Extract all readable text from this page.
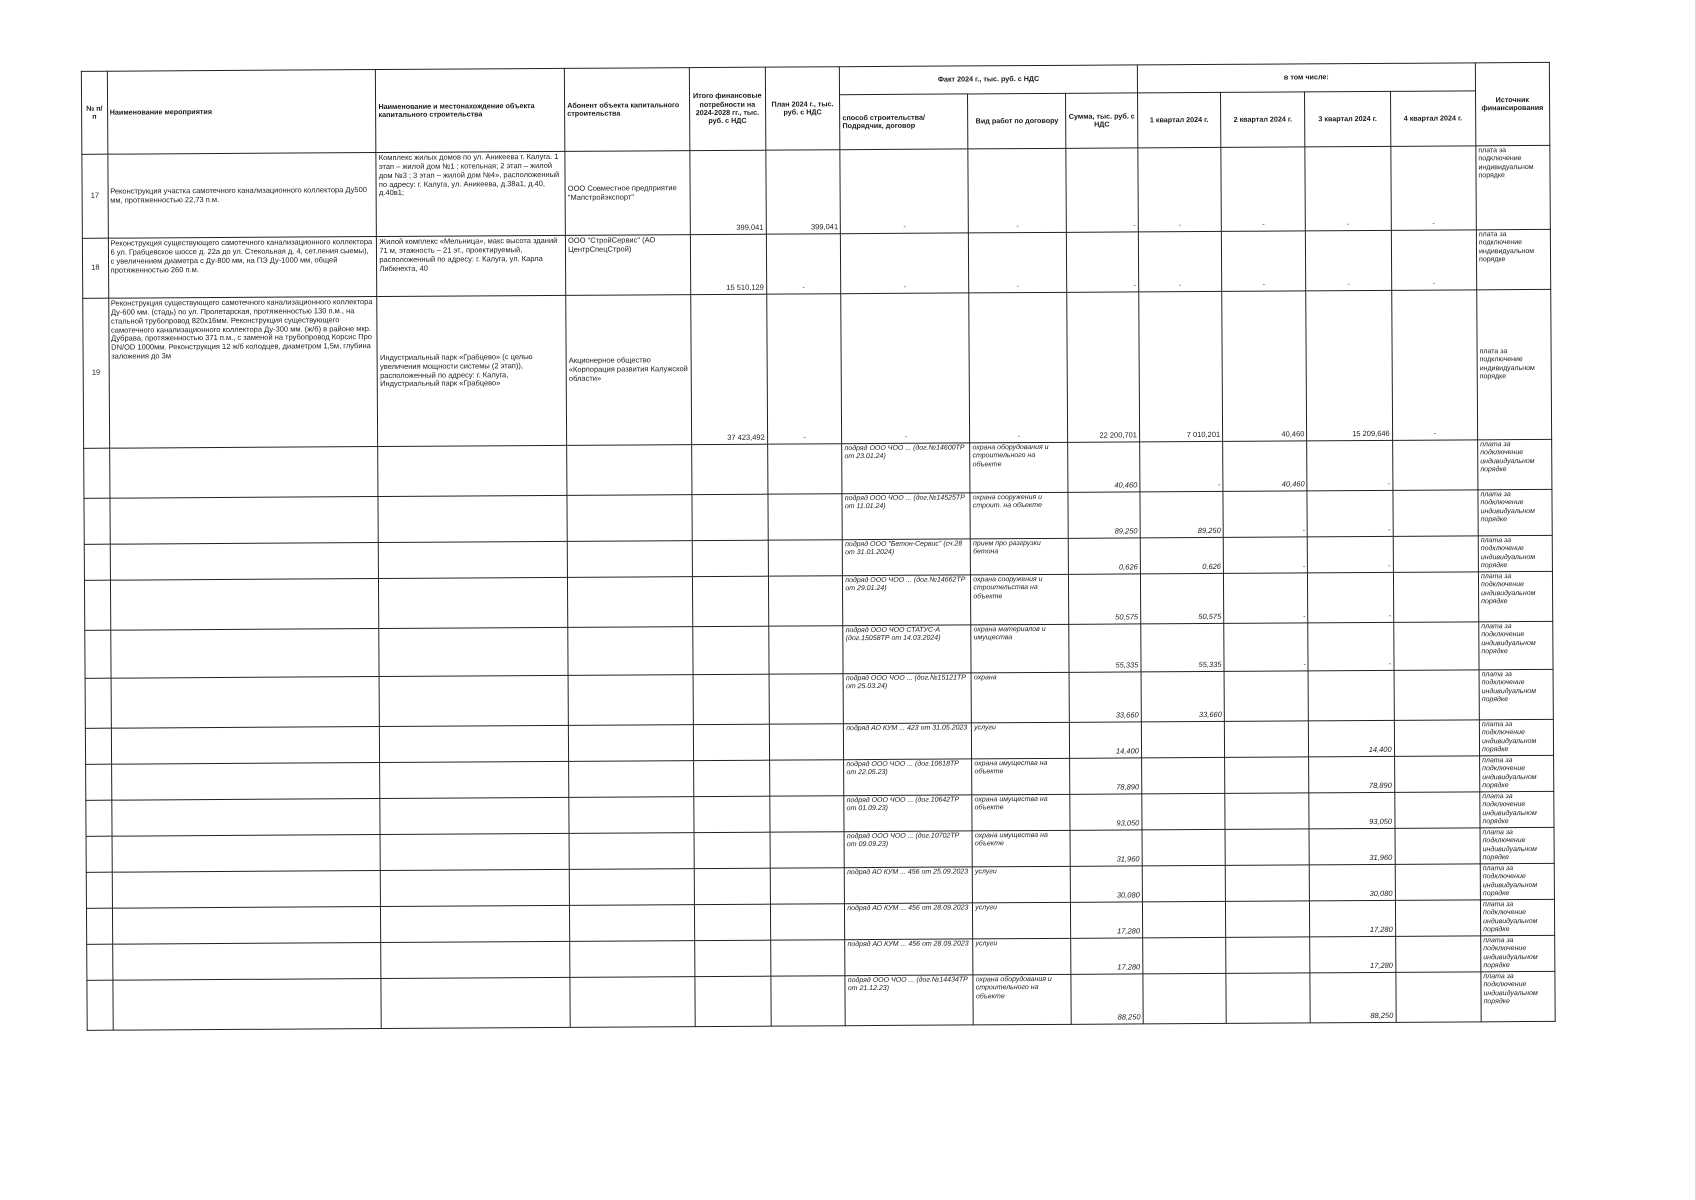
№ п/п	Наименование мероприятия	Наименование и местонахождение объекта капитального строительства	Абонент объекта капитального строительства	Итого финансовые потребности на 2024-2028 гг., тыс. руб. с НДС	План 2024 г., тыс. руб. с НДС	Факт 2024 г., тыс. руб. с НДС			в том числе:				Источник финансирования
						способ строительства/ Подрядчик, договор	Вид работ по договору	Сумма, тыс. руб. с НДС	1 квартал 2024 г.	2 квартал 2024 г.	3 квартал 2024 г.	4 квартал 2024 г.	
17	Реконструкция участка самотечного канализационного коллектора Ду500 мм, протяженностью 22,73 п.м.	Комплекс жилых домов по ул. Аникеева г. Калуга. 1 этап – жилой дом №1 ; котельная; 2 этап – жилой дом №3 ; 3 этап – жилой дом №4», расположенный по адресу: г. Калуга, ул. Аникеева, д.38а1, д.40, д.40в1;	ООО Совместное предприятие "Мапстройэкспорт"	399,041	399,041	-	-	-	-	-	-	-	плата за подключение индивидуальном порядке
18	Реконструкция существующего самотечного канализационного коллектора 6 ул. Грабцевское шоссе д. 22а до ул. Стекольная д. 4, сет.ления сыемы), с увеличением диаметра с Ду-800 мм, на ПЭ Ду-1000 мм, общей протяженностью 260 п.м.	Жилой комплекс «Мельница», макс высота зданий 71 м, этажность – 21 эт., проектируемый, расположенный по адресу: г. Калуга, ул. Карла Либкнехта, 40	ООО "СтройСервис" (АО ЦентрСпецСтрой)	15 510,129	-	-	-	-	-	-	-	-	плата за подключение индивидуальном порядке
19	Реконструкция существующего самотечного канализационного коллектора Ду-600 мм. (стадь) по ул. Пролетарская, протяженностью 130 п.м., на стальной трубопровод 820х16мм. Реконструкция существующего самотечного канализационного коллектора Ду-300 мм. (ж/б) в районе мкр. Дубрава, протяженностью 371 п.м., с заменой на трубопровод Корсис Про DN/OD 1000мм. Реконструкция 12 ж/б колодцев, диаметром 1,5м, глубина заложения до 3м	Индустриальный парк «Грабцево» (с целью увеличения мощности системы (2 этап)), расположенный по адресу: г. Калуга, Индустриальный парк «Грабцево»	Акционерное общество «Корпорация развития Калужской области»	37 423,492	-	-	-	22 200,701	7 010,201	40,460	15 209,646	-	плата за подключение индивидуальном порядке
						подряд ООО ЧОО ... (дог.№14600ТР от 23.01.24)	охрана оборудования и строительного на объекте	40,460	-	40,460	-		плата за подключение индивидуальном порядке
						подряд ООО ЧОО ... (дог.№14525ТР от 11.01.24)	охрана сооружения и строит. на объекте	89,250	89,250	-	-		плата за подключение индивидуальном порядке
						подряд ООО "Бетон-Сервис" (сч.28 от 31.01.2024)	прием про разгрузки бетона	0,626	0,626	-	-		плата за подключение индивидуальном порядке
						подряд ООО ЧОО ... (дог.№14662ТР от 29.01.24)	охрана сооружения и строительства на объекте	50,575	50,575	-	-		плата за подключение индивидуальном порядке
						подряд ООО ЧОО СТАТУС-А (дог.15058ТР от 14.03.2024)	охрана материалов и имущества	55,335	55,335	-	-		плата за подключение индивидуальном порядке
						подряд ООО ЧОО ... (дог.№15121ТР от 25.03.24)	охрана	33,660	33,660				плата за подключение индивидуальном порядке
						подряд АО КУМ ... 423 от 31.05.2023	услуги	14,400			14,400		плата за подключение индивидуальном порядке
						подряд ООО ЧОО ... (дог.10618ТР от 22.05.23)	охрана имущества на объекте	78,890			78,890		плата за подключение индивидуальном порядке
						подряд ООО ЧОО ... (дог.10642ТР от 01.09.23)	охрана имущества на объекте	93,050			93,050		плата за подключение индивидуальном порядке
						подряд ООО ЧОО ... (дог.10702ТР от 09.09.23)	охрана имущества на объекте	31,960			31,960		плата за подключение индивидуальном порядке
						подряд АО КУМ ... 456 от 25.09.2023	услуги	30,080			30,080		плата за подключение индивидуальном порядке
						подряд АО КУМ ... 456 от 28.09.2023	услуги	17,280			17,280		плата за подключение индивидуальном порядке
						подряд АО КУМ ... 456 от 28.09.2023	услуги	17,280			17,280		плата за подключение индивидуальном порядке
						подряд ООО ЧОО ... (дог.№14434ТР от 21.12.23)	охрана оборудования и строительного на объекте	88,250			88,250		плата за подключение индивидуальном порядке
